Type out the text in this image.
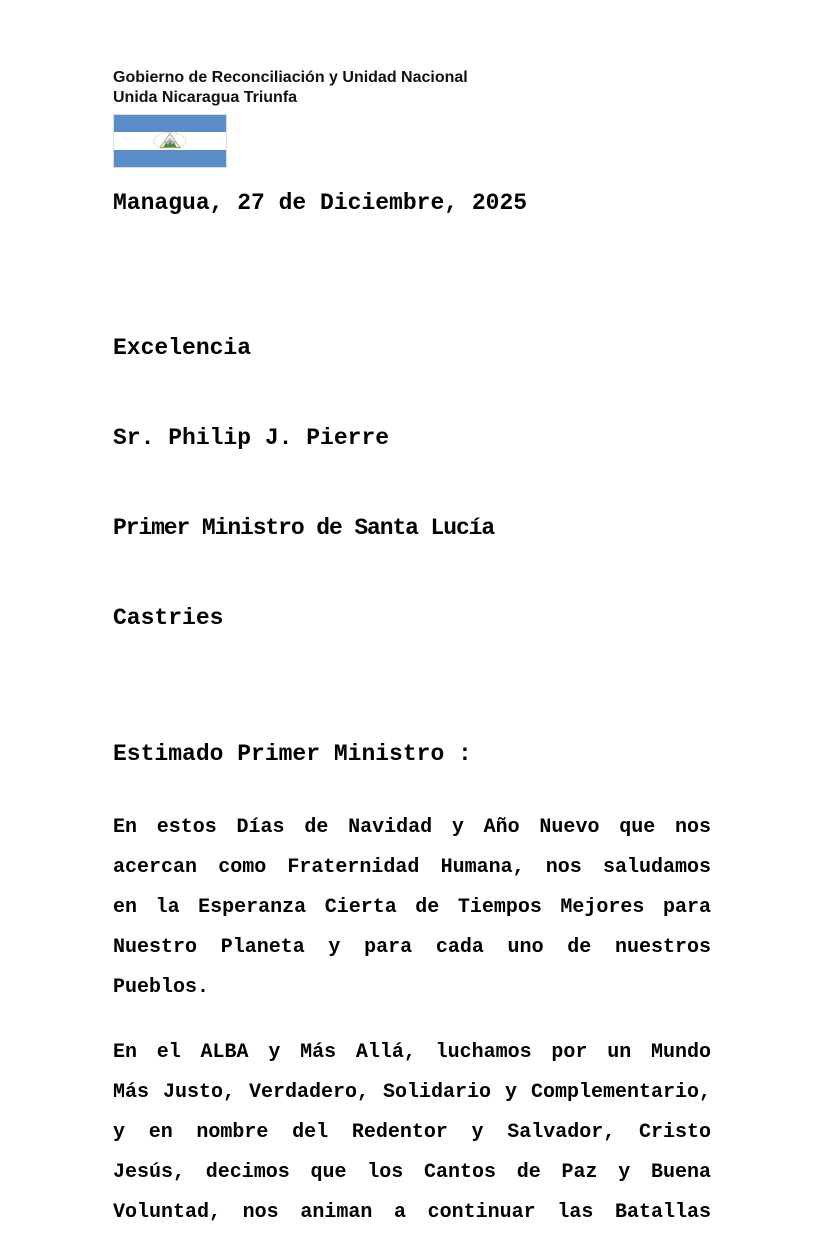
Gobierno de Reconciliación y Unidad Nacional
Unida Nicaragua Triunfa
Managua, 27 de Diciembre, 2025

Excelencia

Sr. Philip J. Pierre

Primer Ministro de Santa Lucía

Castries

Estimado Primer Ministro :
En estos Días de Navidad y Año Nuevo que nos
acercan como Fraternidad Humana, nos saludamos
en la Esperanza Cierta de Tiempos Mejores para
Nuestro Planeta y para cada uno de nuestros
Pueblos.
En el ALBA y Más Allá, luchamos por un Mundo
Más Justo, Verdadero, Solidario y Complementario,
y en nombre del Redentor y Salvador, Cristo
Jesús, decimos que los Cantos de Paz y Buena
Voluntad, nos animan a continuar las Batallas
